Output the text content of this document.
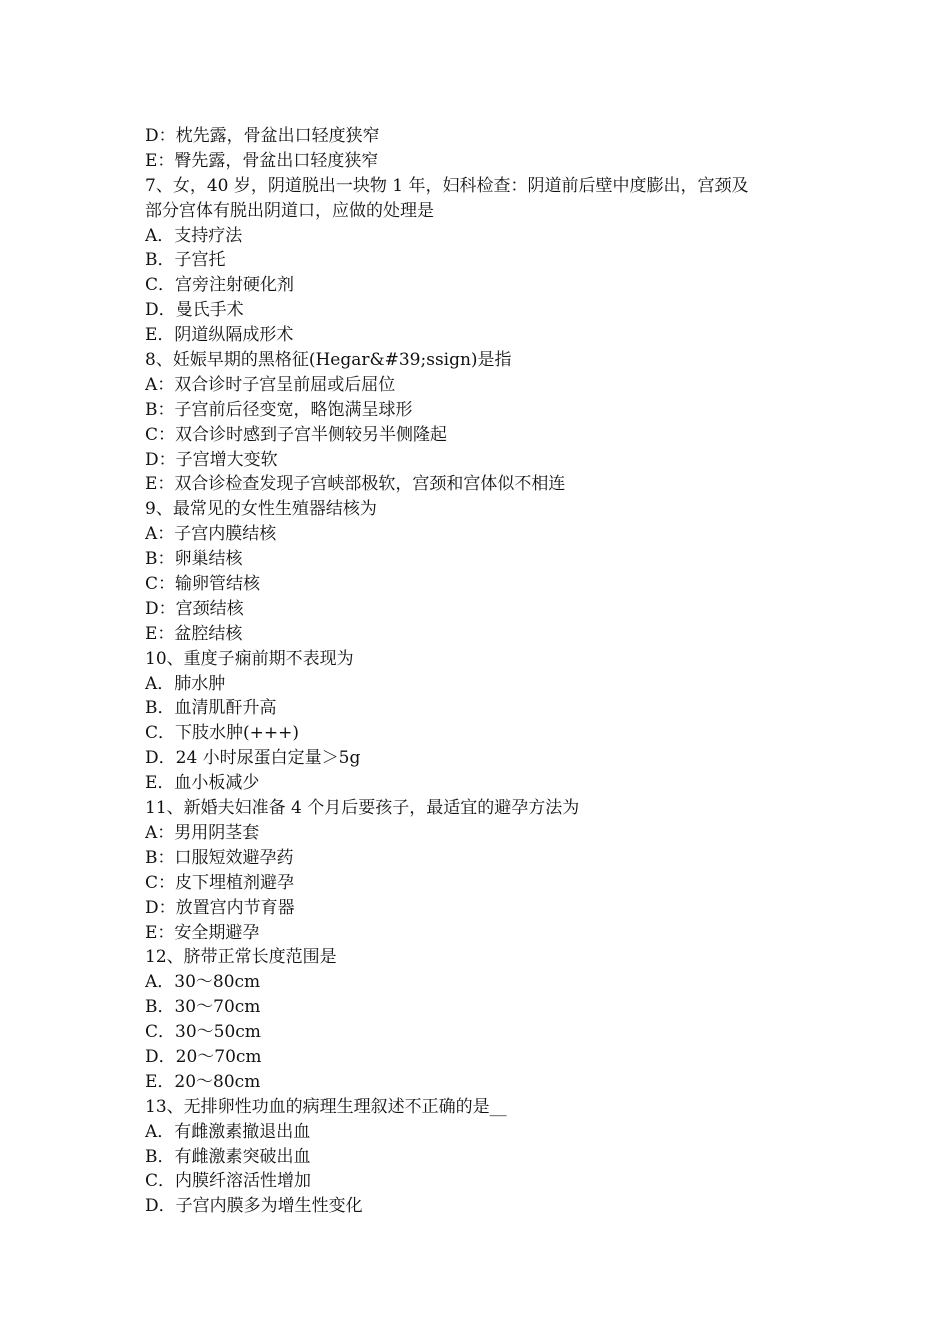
D：枕先露，骨盆出口轻度狭窄
E：臀先露，骨盆出口轻度狭窄
7、女，40 岁，阴道脱出一块物 1 年，妇科检查：阴道前后壁中度膨出，宫颈及
部分宫体有脱出阴道口，应做的处理是
A．支持疗法
B．子宫托
C．宫旁注射硬化剂
D．曼氏手术
E．阴道纵隔成形术
8、妊娠早期的黑格征(Hegar&#39;ssign)是指
A：双合诊时子宫呈前屈或后屈位
B：子宫前后径变宽，略饱满呈球形
C：双合诊时感到子宫半侧较另半侧隆起
D：子宫增大变软
E：双合诊检查发现子宫峡部极软，宫颈和宫体似不相连
9、最常见的女性生殖器结核为
A：子宫内膜结核
B：卵巢结核
C：输卵管结核
D：宫颈结核
E：盆腔结核
10、重度子痫前期不表现为
A．肺水肿
B．血清肌酐升高
C．下肢水肿(+++)
D．24 小时尿蛋白定量＞5g
E．血小板减少
11、新婚夫妇准备 4 个月后要孩子，最适宜的避孕方法为
A：男用阴茎套
B：口服短效避孕药
C：皮下埋植剂避孕
D：放置宫内节育器
E：安全期避孕
12、脐带正常长度范围是
A．30～80cm
B．30～70cm
C．30～50cm
D．20～70cm
E．20～80cm
13、无排卵性功血的病理生理叙述不正确的是__
A．有雌激素撤退出血
B．有雌激素突破出血
C．内膜纤溶活性增加
D．子宫内膜多为增生性变化
